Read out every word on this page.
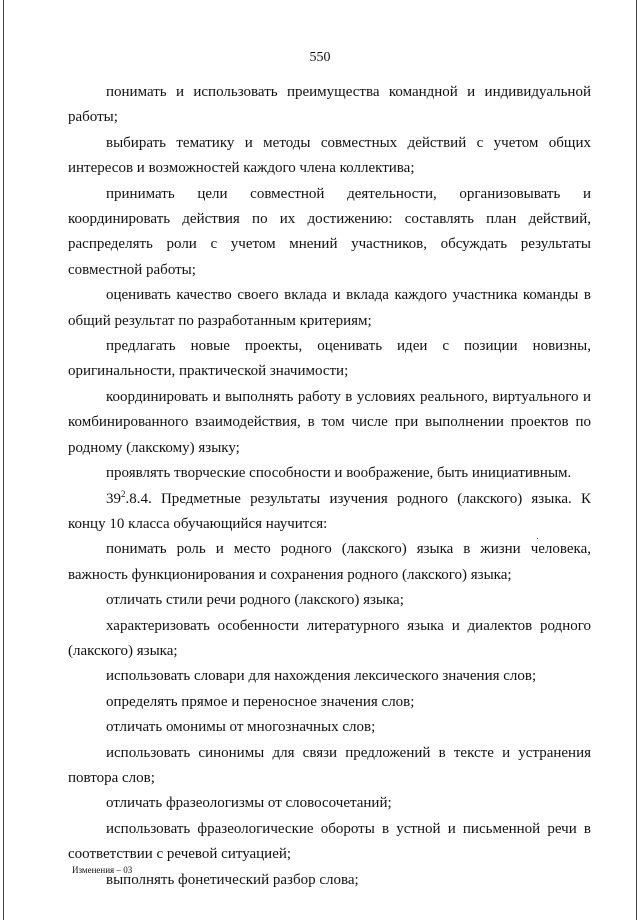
550

понимать и использовать преимущества командной и индивидуальной работы;

выбирать тематику и методы совместных действий с учетом общих интересов и возможностей каждого члена коллектива;

принимать цели совместной деятельности, организовывать и координировать действия по их достижению: составлять план действий, распределять роли с учетом мнений участников, обсуждать результаты совместной работы;

оценивать качество своего вклада и вклада каждого участника команды в общий результат по разработанным критериям;

предлагать новые проекты, оценивать идеи с позиции новизны, оригинальности, практической значимости;

координировать и выполнять работу в условиях реального, виртуального и комбинированного взаимодействия, в том числе при выполнении проектов по родному (лакскому) языку;

проявлять творческие способности и воображение, быть инициативным.

$39^2.8.4$. Предметные результаты изучения родного (лакского) языка. К концу 10 класса обучающийся научится:

понимать роль и место родного (лакского) языка в жизни человека, важность функционирования и сохранения родного (лакского) языка;

отличать стили речи родного (лакского) языка;

характеризовать особенности литературного языка и диалектов родного (лакского) языка;

использовать словари для нахождения лексического значения слов;

определять прямое и переносное значения слов;

отличать омонимы от многозначных слов;

использовать синонимы для связи предложений в тексте и устранения повтора слов;

отличать фразеологизмы от словосочетаний;

использовать фразеологические обороты в устной и письменной речи в соответствии с речевой ситуацией;

выполнять фонетический разбор слова;

Изменения – 03
